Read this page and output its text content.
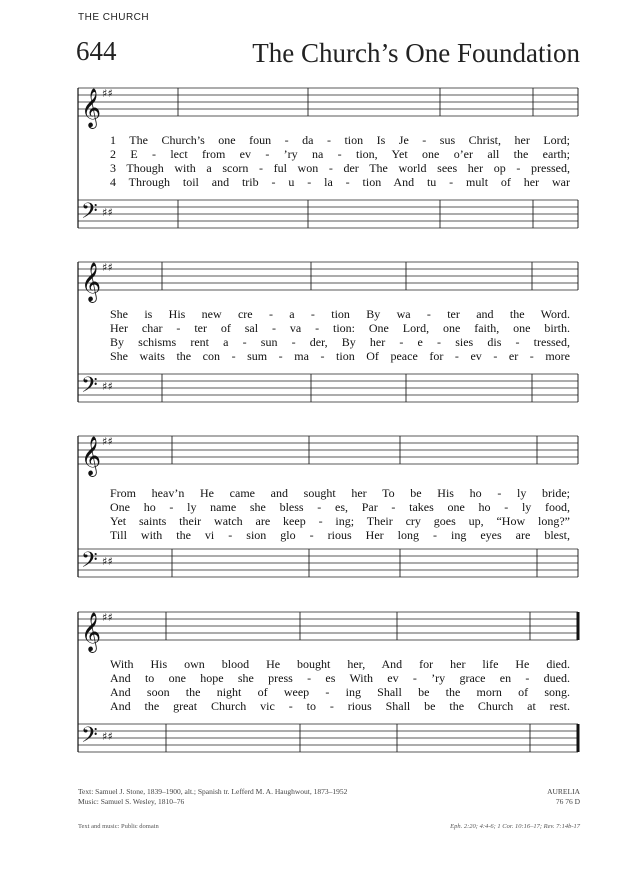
THE CHURCH
644	The Church’s One Foundation
𝄞 ♯♯
𝄢 ♯♯
𝄞 ♯♯
𝄢 ♯♯
𝄞 ♯♯
𝄢 ♯♯
𝄞 ♯♯
𝄢 ♯♯
1 The Church’s one foun - da - tion Is Je - sus Christ, her Lord;
2 E - lect from ev - ’ry na - tion, Yet one o’er all the earth;
3 Though with a scorn - ful won - der The world sees her op - pressed,
4 Through toil and trib - u - la - tion And tu - mult of her war
She is His new cre - a - tion By wa - ter and the Word.
Her char - ter of sal - va - tion: One Lord, one faith, one birth.
By schisms rent a - sun - der, By her - e - sies dis - tressed,
She waits the con - sum - ma - tion Of peace for - ev - er - more
From heav’n He came and sought her To be His ho - ly bride;
One ho - ly name she bless - es, Par - takes one ho - ly food,
Yet saints their watch are keep - ing; Their cry goes up, “How long?”
Till with the vi - sion glo - rious Her long - ing eyes are blest,
With His own blood He bought her, And for her life He died.
And to one hope she press - es With ev - ’ry grace en - dued.
And soon the night of weep - ing Shall be the morn of song.
And the great Church vic - to - rious Shall be the Church at rest.
Text: Samuel J. Stone, 1839–1900, alt.; Spanish tr. Lefferd M. A. Haughwout, 1873–1952
Music: Samuel S. Wesley, 1810–76
AURELIA
76 76 D
Text and music: Public domain	Eph. 2:20; 4:4-6; 1 Cor. 10:16–17; Rev. 7:14b-17
